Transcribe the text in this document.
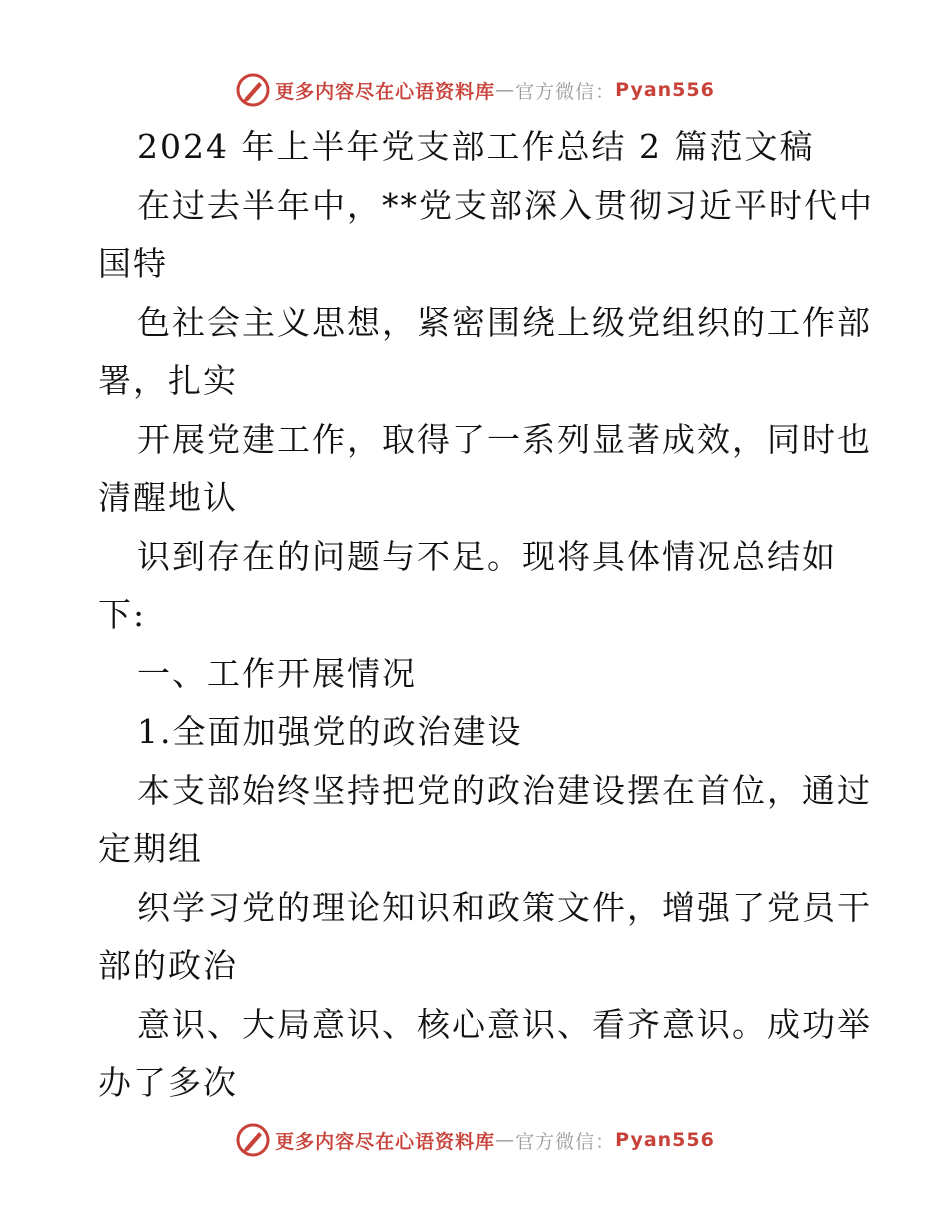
更多内容尽在心语资料库 — 官方微信： Pyan556
2024 年上半年党支部工作总结 2 篇范文稿
在过去半年中，**党支部深入贯彻习近平时代中
国特
色社会主义思想，紧密围绕上级党组织的工作部
署，扎实
开展党建工作，取得了一系列显著成效，同时也
清醒地认
识到存在的问题与不足。现将具体情况总结如
下:
一、工作开展情况
1.全面加强党的政治建设
本支部始终坚持把党的政治建设摆在首位，通过
定期组
织学习党的理论知识和政策文件，增强了党员干
部的政治
意识、大局意识、核心意识、看齐意识。成功举
办了多次
更多内容尽在心语资料库 — 官方微信： Pyan556
